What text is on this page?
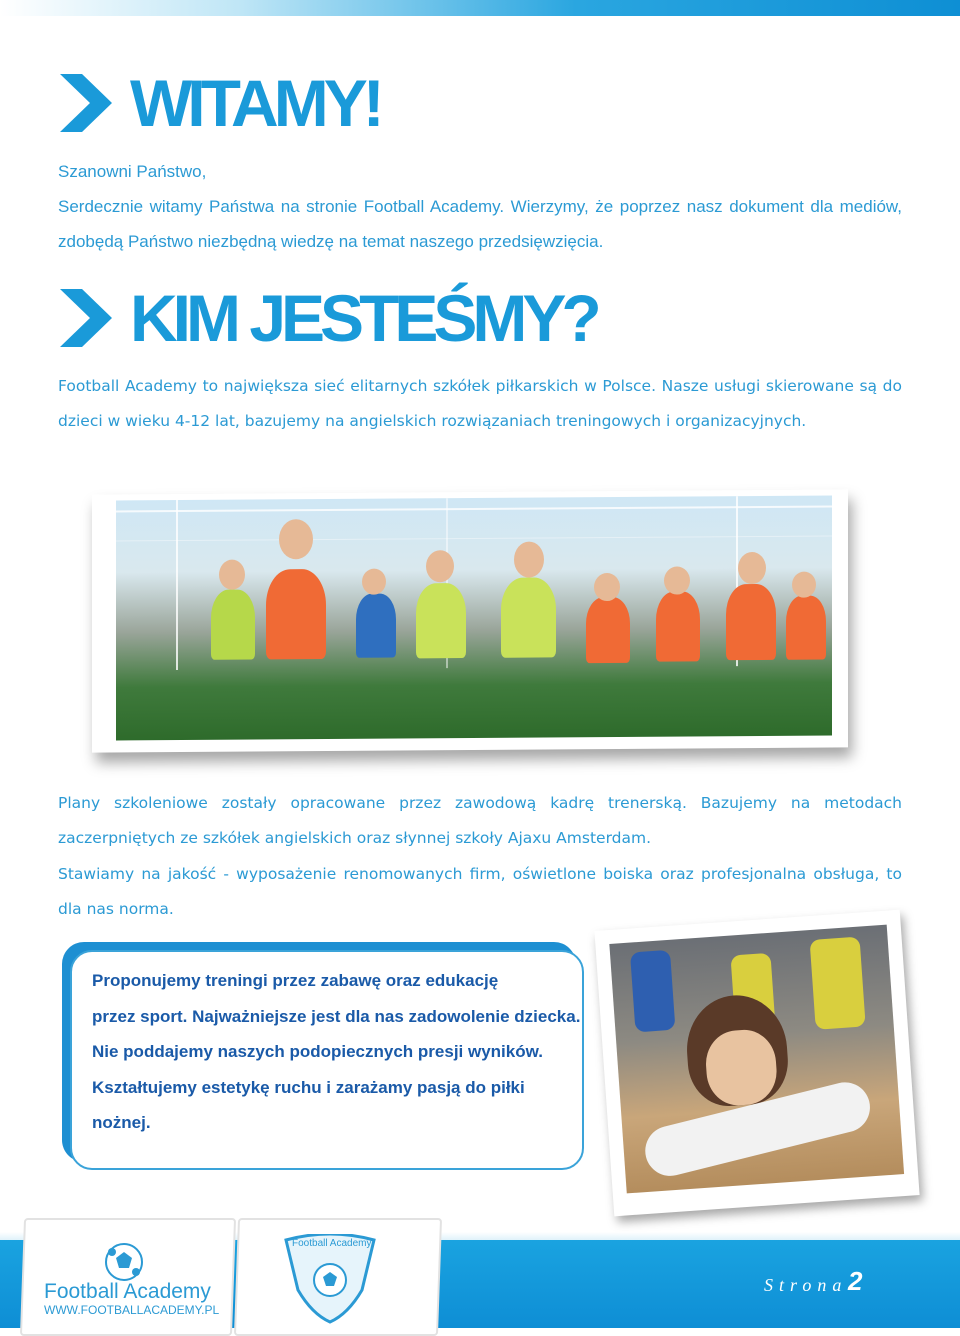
WITAMY!

Szanowni Państwo,

Serdecznie witamy Państwa na stronie Football Academy. Wierzymy, że poprzez nasz dokument dla mediów, zdobędą Państwo niezbędną wiedzę na temat naszego przedsięwzięcia.

KIM JESTEŚMY?

Football Academy to największa sieć elitarnych szkółek piłkarskich w Polsce. Nasze usługi skierowane są do dzieci w wieku 4-12 lat, bazujemy na angielskich rozwiązaniach treningowych i organizacyjnych.

Plany szkoleniowe zostały opracowane przez zawodową kadrę trenerską. Bazujemy na metodach zaczerpniętych ze szkółek angielskich oraz słynnej szkoły Ajaxu Amsterdam.

Stawiamy na jakość - wyposażenie renomowanych firm, oświetlone boiska oraz profesjonalna obsługa, to dla nas norma.

Proponujemy treningi przez zabawę oraz edukację
przez sport. Najważniejsze jest dla nas zadowolenie dziecka.
Nie poddajemy naszych podopiecznych presji wyników.
Kształtujemy estetykę ruchu i zarażamy pasją do piłki
nożnej.
Football Academy
WWW.FOOTBALLACADEMY.PL
Football Academy
Strona 2
